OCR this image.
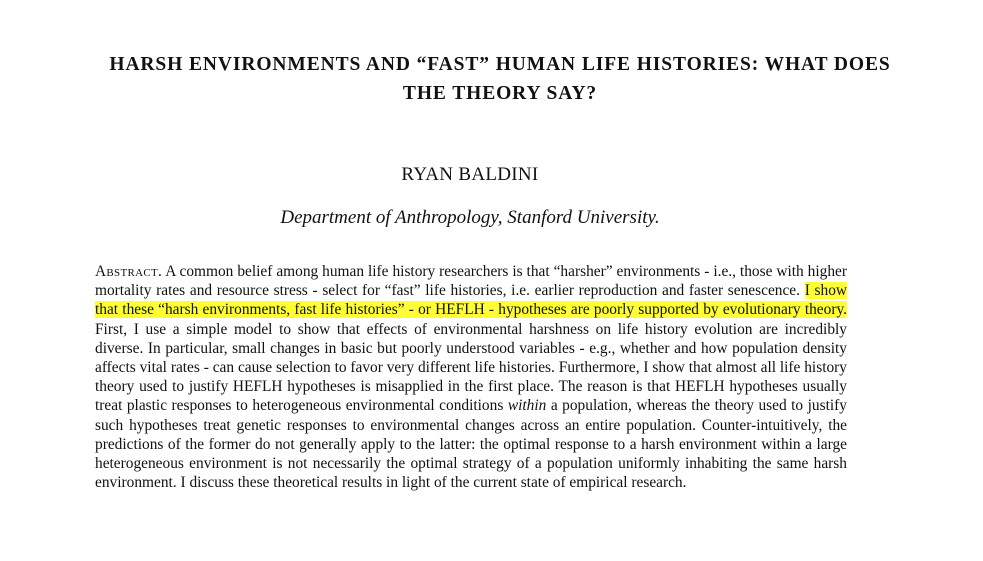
HARSH ENVIRONMENTS AND “FAST” HUMAN LIFE HISTORIES: WHAT DOES
THE THEORY SAY?
RYAN BALDINI
Department of Anthropology, Stanford University.
Abstract. A common belief among human life history researchers is that “harsher” environments - i.e., those with higher mortality rates and resource stress - select for “fast” life histories, i.e. earlier reproduction and faster senescence. I show that these “harsh environments, fast life histories” - or HEFLH - hypotheses are poorly supported by evolutionary theory. First, I use a simple model to show that effects of environmental harshness on life history evolution are incredibly diverse. In particular, small changes in basic but poorly understood variables - e.g., whether and how population density affects vital rates - can cause selection to favor very different life histories. Furthermore, I show that almost all life history theory used to justify HEFLH hypotheses is misapplied in the first place. The reason is that HEFLH hypotheses usually treat plastic responses to heterogeneous environmental conditions within a population, whereas the theory used to justify such hypotheses treat genetic responses to environmental changes across an entire population. Counter-intuitively, the predictions of the former do not generally apply to the latter: the optimal response to a harsh environment within a large heterogeneous environment is not necessarily the optimal strategy of a population uniformly inhabiting the same harsh environment. I discuss these theoretical results in light of the current state of empirical research.
